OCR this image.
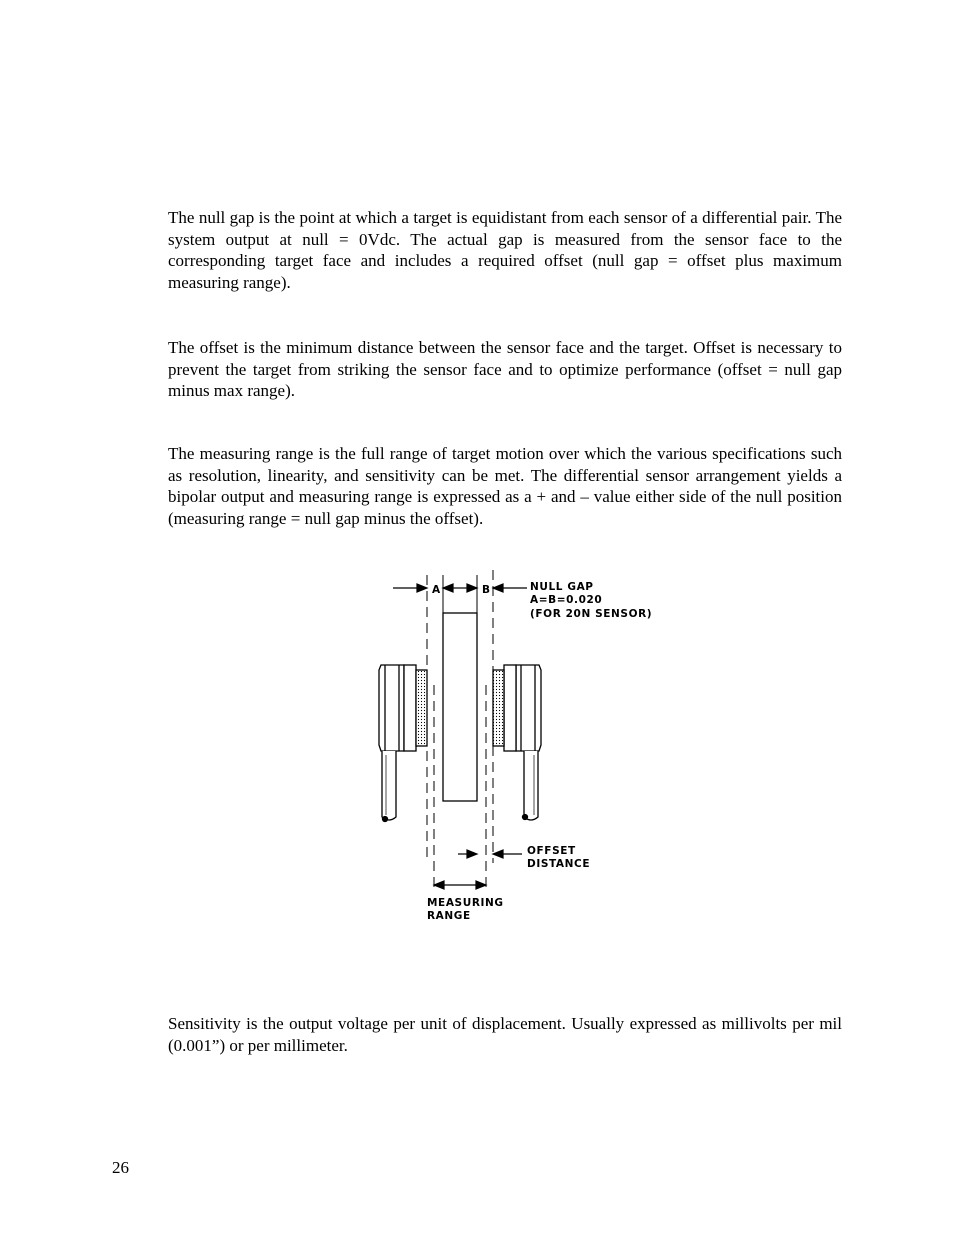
The null gap is the point at which a target is equidistant from each sensor of a differential pair. The system output at null = 0Vdc. The actual gap is measured from the sensor face to the corresponding target face and includes a required offset (null gap = offset plus maximum measuring range).

The offset is the minimum distance between the sensor face and the target. Offset is necessary to prevent the target from striking the sensor face and to optimize performance (offset = null gap minus max range).

The measuring range is the full range of target motion over which the various specifications such as resolution, linearity, and sensitivity can be met. The differential sensor arrangement yields a bipolar output and measuring range is expressed as a + and – value either side of the null position (measuring range = null gap minus the offset).

A	B	NULL GAP
A=B=0.020
(FOR 20N SENSOR)
OFFSET
DISTANCE
MEASURING
RANGE

Sensitivity is the output voltage per unit of displacement. Usually expressed as millivolts per mil (0.001”) or per millimeter.

26
